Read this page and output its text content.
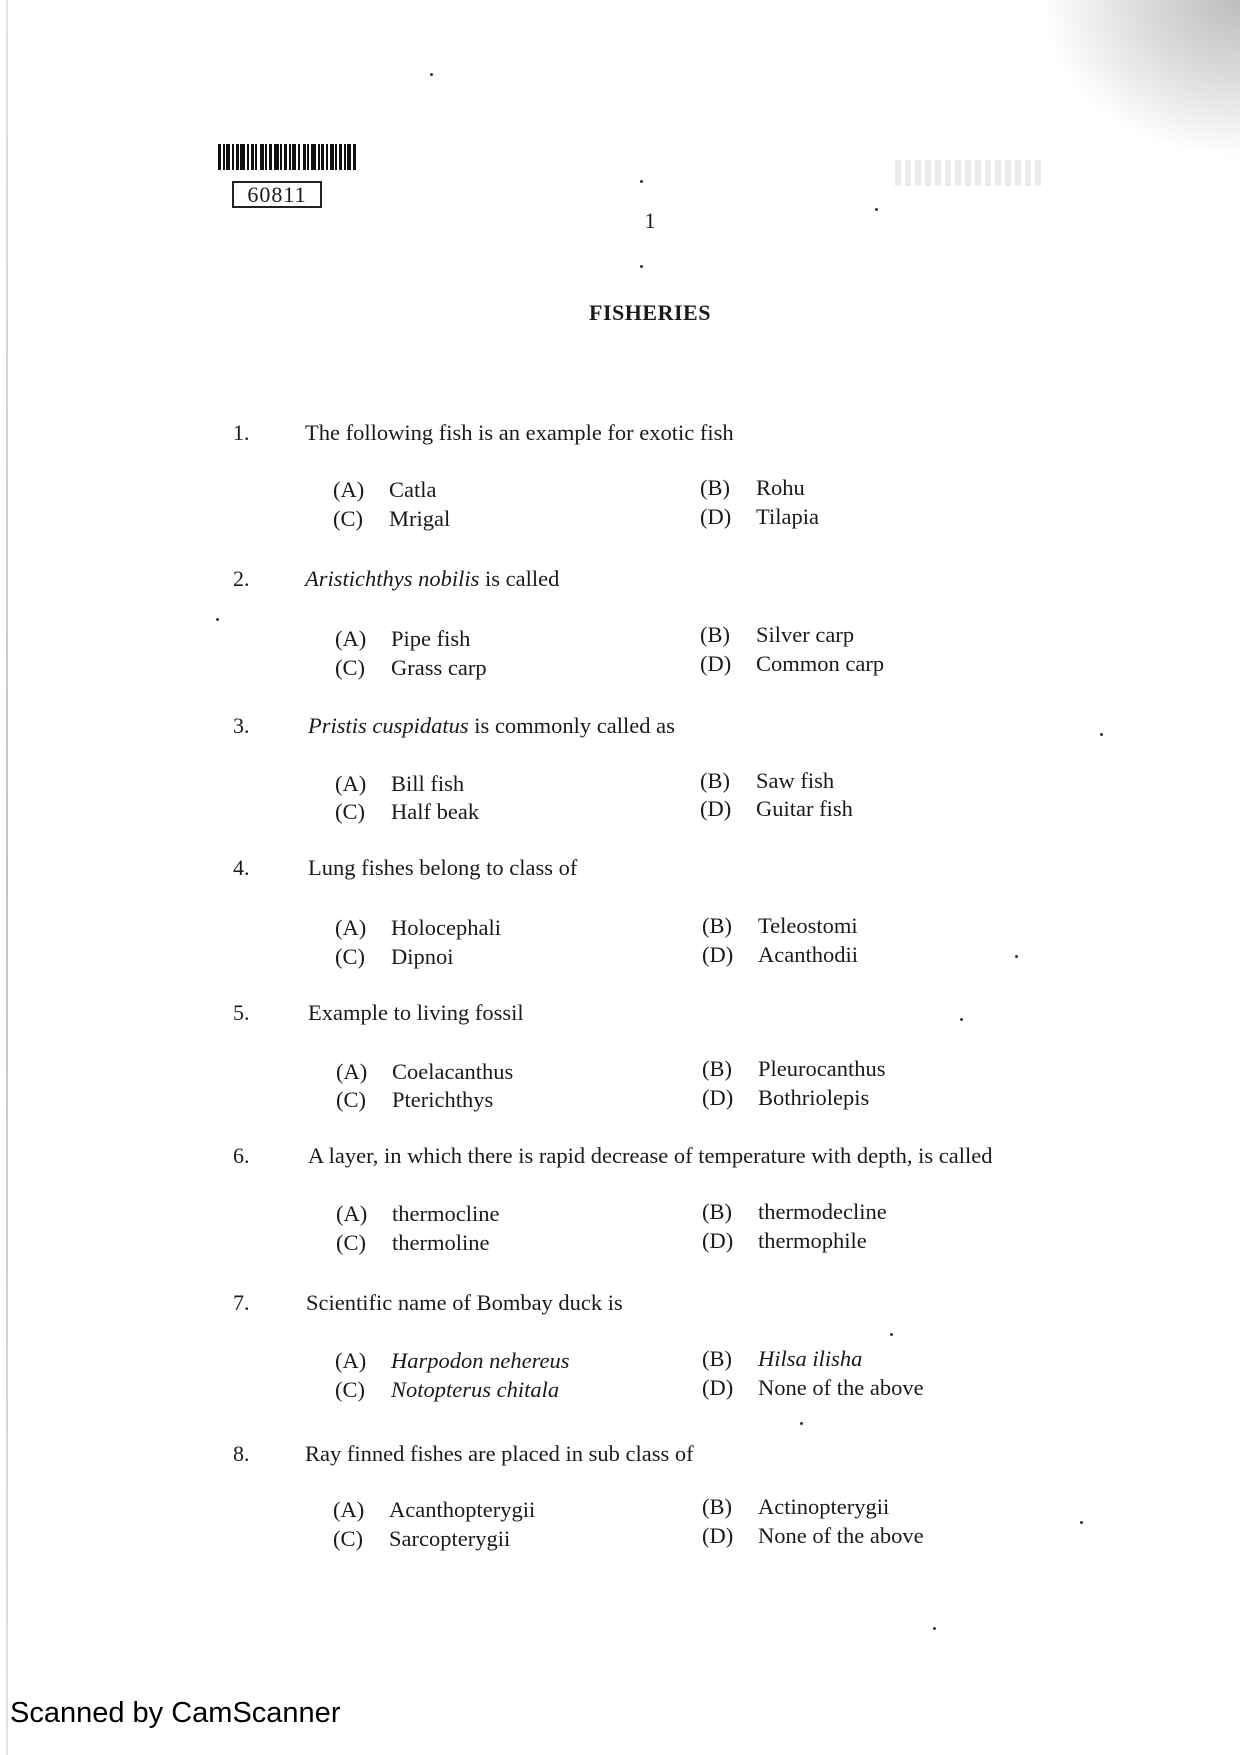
60811
1
FISHERIES
1. The following fish is an example for exotic fish
(A) Catla	(B) Rohu
(C) Mrigal	(D) Tilapia
2. Aristichthys nobilis is called
(A) Pipe fish	(B) Silver carp
(C) Grass carp	(D) Common carp
3.	Pristis cuspidatus is commonly called as
(A) Bill fish	(B) Saw fish
(C) Half beak	(D) Guitar fish
4.	Lung fishes belong to class of
(A) Holocephali	(B) Teleostomi
(C) Dipnoi	(D) Acanthodii
5.	Example to living fossil
(A) Coelacanthus	(B) Pleurocanthus
(C) Pterichthys	(D) Bothriolepis
6.	A layer, in which there is rapid decrease of temperature with depth, is called
(A) thermocline	(B) thermodecline
(C) thermoline	(D) thermophile
7.	Scientific name of Bombay duck is
(A) Harpodon nehereus	(B) Hilsa ilisha
(C) Notopterus chitala	(D) None of the above
8. Ray finned fishes are placed in sub class of
(A) Acanthopterygii	(B) Actinopterygii
(C) Sarcopterygii	(D) None of the above
Scanned by CamScanner
